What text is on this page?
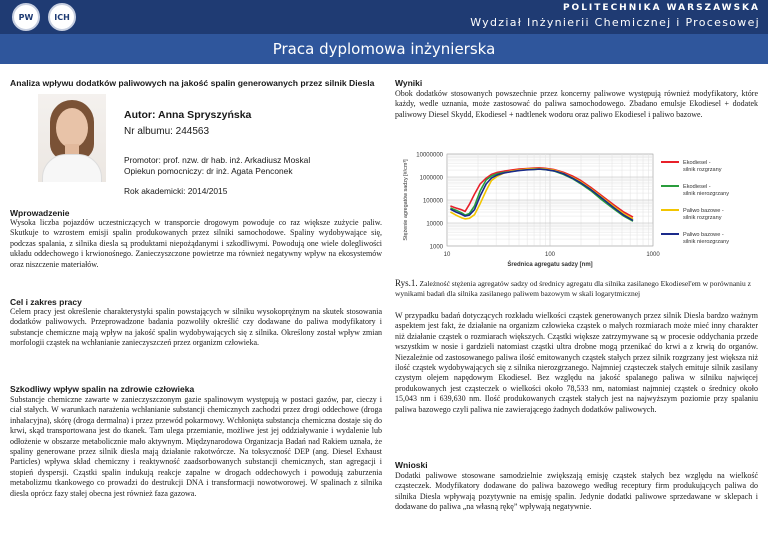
PW	ICH
POLITECHNIKA WARSZAWSKA
Wydział Inżynierii Chemicznej i Procesowej
Praca dyplomowa inżynierska
Analiza wpływu dodatków paliwowych na jakość spalin generowanych przez silnik Diesla
Autor: Anna Spryszyńska
Nr albumu: 244563
Promotor: prof. nzw. dr hab. inż. Arkadiusz Moskal
Opiekun pomocniczy: dr inż. Agata Penconek
Rok akademicki: 2014/2015
Wprowadzenie
Wysoka liczba pojazdów uczestniczących w transporcie drogowym powoduje co raz większe zużycie paliw. Skutkuje to wzrostem emisji spalin produkowanych przez silniki samochodowe. Spaliny wydobywające się, podczas spalania, z silnika diesla są produktami niepożądanymi i szkodliwymi. Powodują one wiele dolegliwości układu oddechowego i krwionośnego. Zanieczyszczone powietrze ma również negatywny wpływ na ekosystemów oraz niszczenie materiałów.
Cel i zakres pracy
Celem pracy jest określenie charakterystyki spalin powstających w silniku wysokoprężnym na skutek stosowania dodatków paliwowych. Przeprowadzone badania pozwoliły określić czy dodawane do paliwa modyfikatory i substancje chemiczne mają wpływ na jakość spalin wydobywających się z silnika. Określony został wpływ zmian morfologii cząstek na wchłanianie zanieczyszczeń przez organizm człowieka.
Szkodliwy wpływ spalin na zdrowie człowieka
Substancje chemiczne zawarte w zanieczyszczonym gazie spalinowym występują w postaci gazów, par, cieczy i ciał stałych. W warunkach narażenia wchłanianie substancji chemicznych zachodzi przez drogi oddechowe (droga inhalacyjna), skórę (droga dermalna) i przez przewód pokarmowy. Wchłonięta substancja chemiczna dostaje się do krwi, skąd transportowana jest do tkanek. Tam ulega przemianie, możliwe jest jej oddziaływanie i wydalenie lub odłożenie w obszarze metabolicznie mało aktywnym. Międzynarodowa Organizacja Badań nad Rakiem uznała, że spaliny generowane przez silnik diesla mają działanie rakotwórcze. Na toksyczność DEP (ang. Diesel Exhaust Particles) wpływa skład chemiczny i reaktywność zaadsorbowanych substancji chemicznych, stan agregacji i stopień dyspersji. Cząstki spalin indukują reakcje zapalne w drogach oddechowych i powodują zaburzenia metabolizmu tkankowego co prowadzi do destrukcji DNA i transformacji nowotworowej. W spalinach z silnika diesla oprócz fazy stałej obecna jest również faza gazowa.
Wyniki
Obok dodatków stosowanych powszechnie przez koncerny paliwowe występują również modyfikatory, które każdy, wedle uznania, może zastosować do paliwa samochodowego. Zbadano emulsje Ekodiesel + dodatek paliwowy Diesel Skydd, Ekodiesel + nadtlenek wodoru oraz paliwo Ekodiesel i paliwo bazowe.
1000
10000
100000
1000000
10000000
10	100	1000
Średnica agregatu sadzy [nm]
Stężenie agregatów sadzy [#/cm³]	Ekodiesel -
silnik rozgrzany
Ekodiesel -
silnik nierozgrzany
Paliwo bazowe -
silnik rozgrzany
Paliwo bazowe -
silnik nierozgrzany
Rys.1. Zależność stężenia agregatów sadzy od średnicy agregatu dla silnika zasilanego Ekodiesel'em w porównaniu z wynikami badań dla silnika zasilanego paliwem bazowym w skali logarytmicznej
W przypadku badań dotyczących rozkładu wielkości cząstek generowanych przez silnik Diesla bardzo ważnym aspektem jest fakt, że działanie na organizm człowieka cząstek o małych rozmiarach może mieć inny charakter niż działanie cząstek o rozmiarach większych. Cząstki większe zatrzymywane są w procesie oddychania przede wszystkim w nosie i gardzieli natomiast cząstki ultra drobne mogą przenikać do krwi a z krwią do organów. Niezależnie od zastosowanego paliwa ilość emitowanych cząstek stałych przez silnik rozgrzany jest większa niż ilość cząstek wydobywających się z silnika nierozgrzanego. Najmniej cząsteczek stałych emituje silnik zasilany czystym olejem napędowym Ekodiesel. Bez względu na jakość spalanego paliwa w silniku najwięcej produkowanych jest cząsteczek o wielkości około 78,533 nm, natomiast najmniej cząstek o średnicy około 15,043 nm i 639,630 nm. Ilość produkowanych cząstek stałych jest na najwyższym poziomie przy spalaniu paliwa bazowego czyli paliwa nie zawierającego żadnych dodatków paliwowych.
Wnioski
Dodatki paliwowe stosowane samodzielnie zwiększają emisję cząstek stałych bez względu na wielkość cząsteczek. Modyfikatory dodawane do paliwa bazowego według receptury firm produkujących paliwa do silnika Diesla wpływają pozytywnie na emisję spalin. Jedynie dodatki paliwowe sprzedawane w sklepach i dodawane do paliwa „na własną rękę” wpływają negatywnie.
